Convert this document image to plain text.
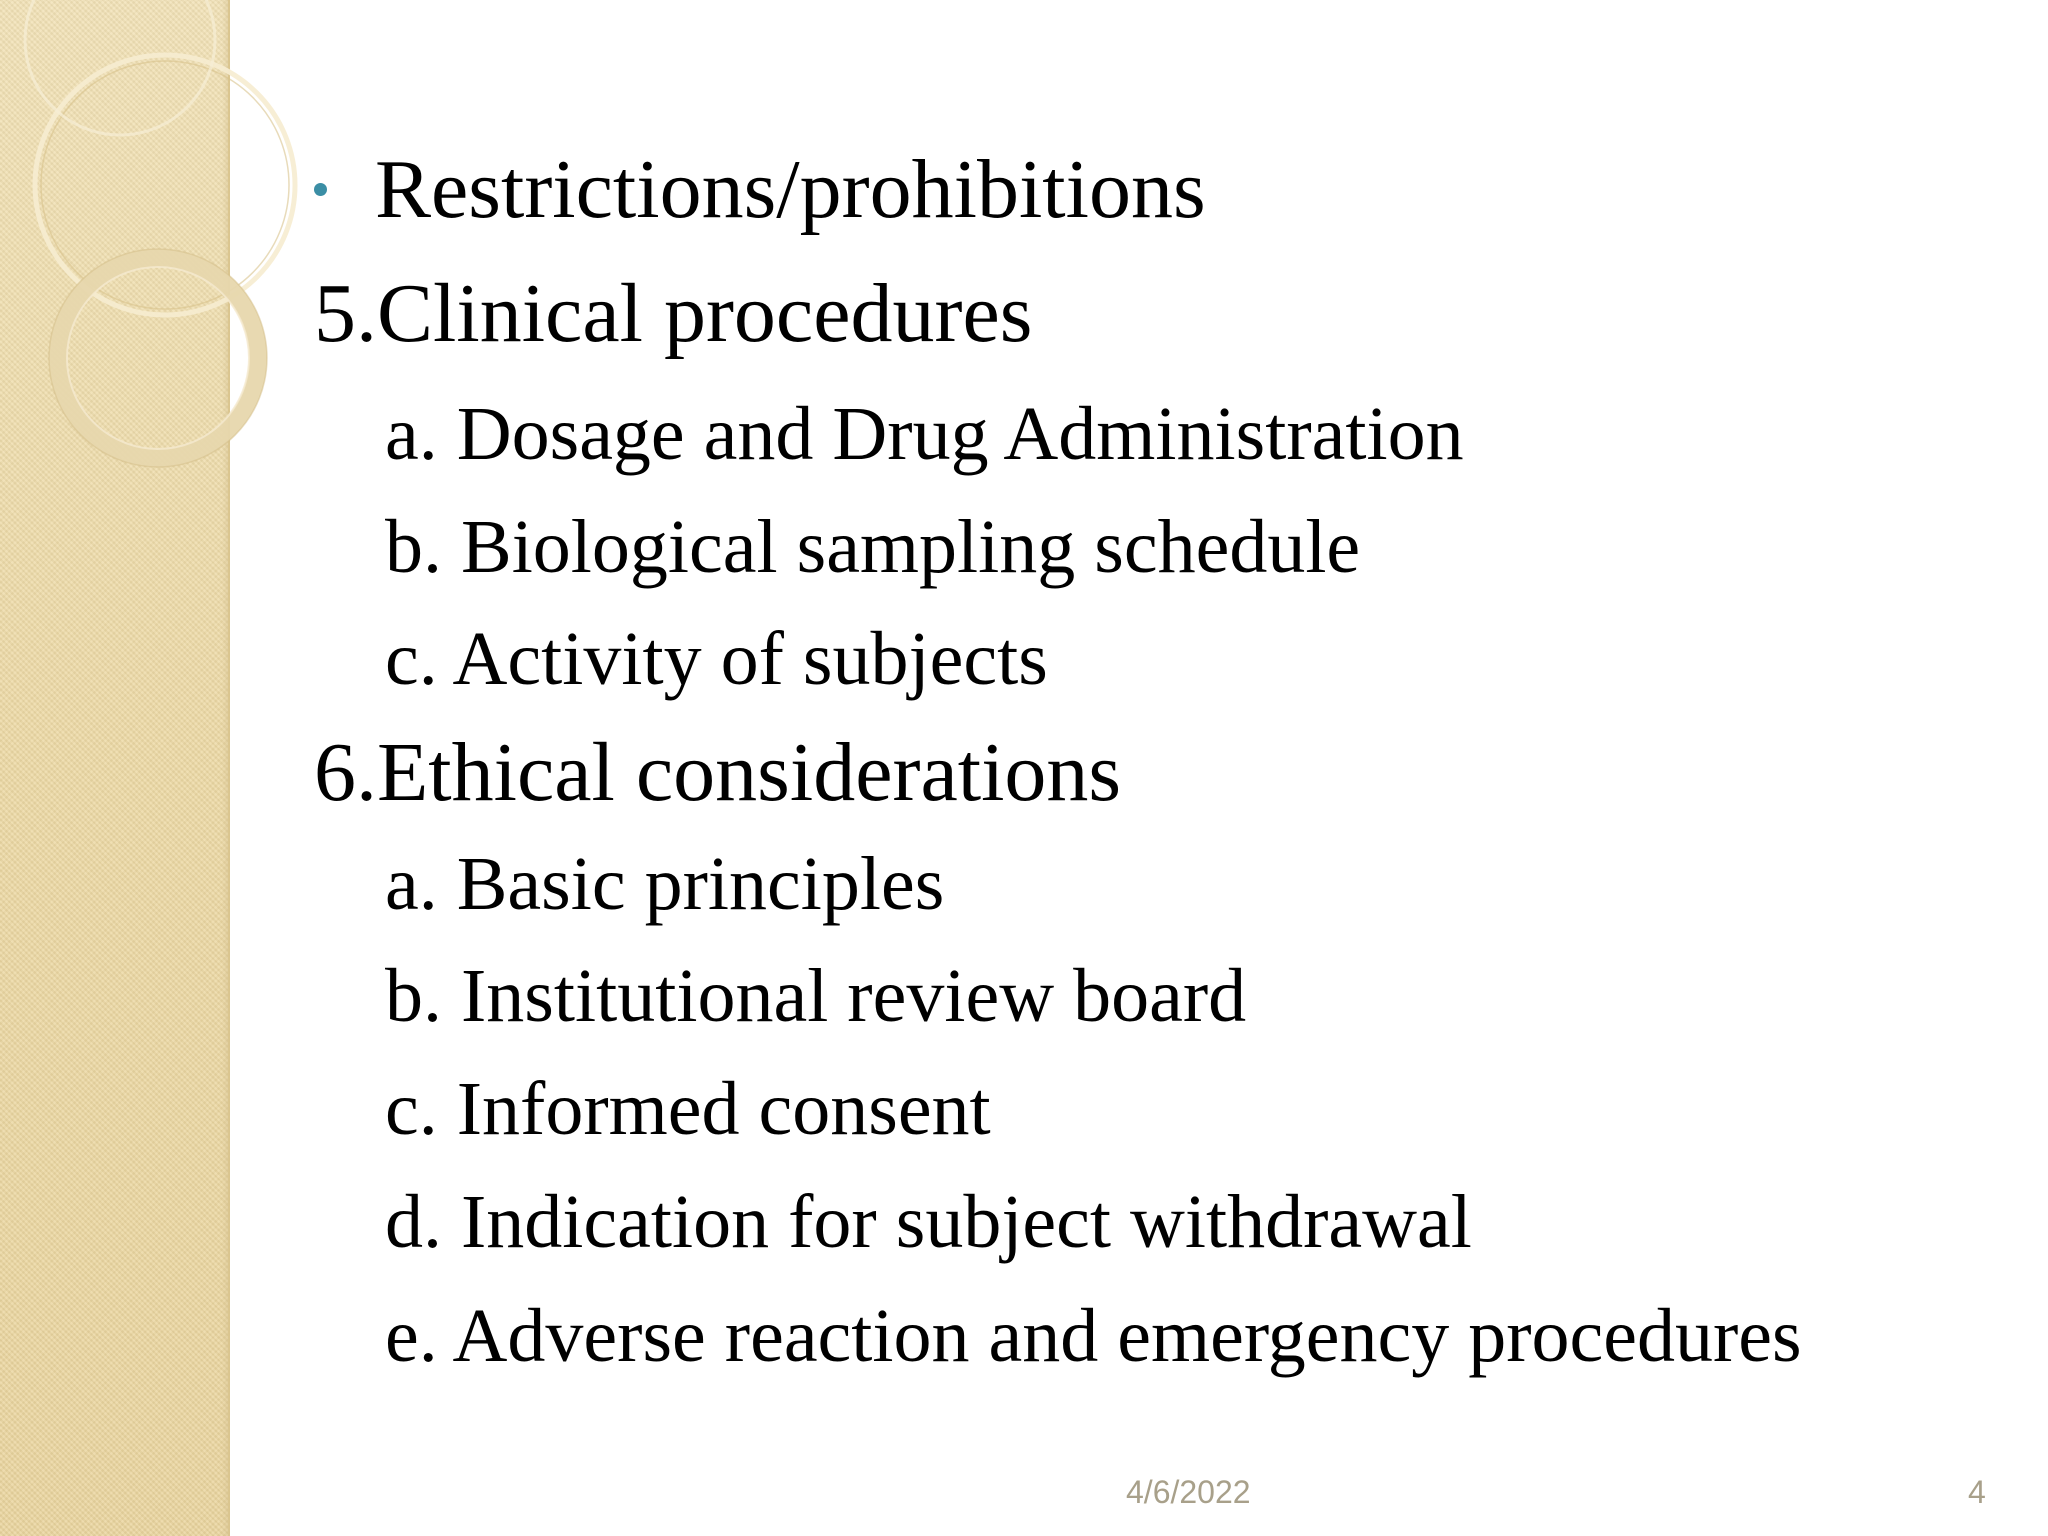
Restrictions/prohibitions
5.Clinical procedures
a. Dosage and Drug Administration
b. Biological sampling schedule
c. Activity of subjects
6.Ethical considerations
a. Basic principles
b. Institutional review board
c. Informed consent
d. Indication for subject withdrawal
e. Adverse reaction and emergency procedures
4/6/2022	4
